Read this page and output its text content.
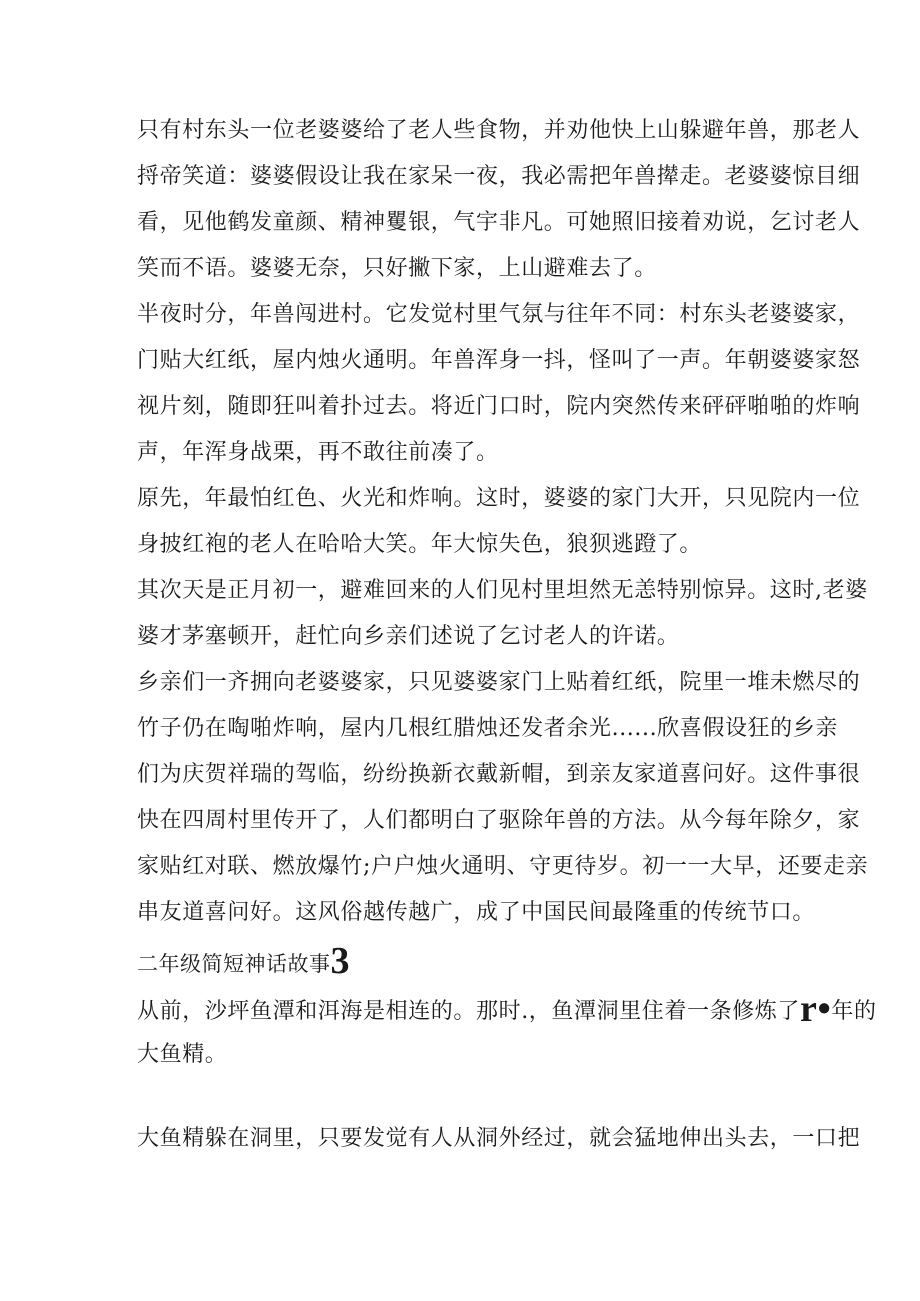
只有村东头一位老婆婆给了老人些食物，并劝他快上山躲避年兽，那老人
捋帝笑道：婆婆假设让我在家呆一夜，我必需把年兽撵走。老婆婆惊目细
看，见他鹤发童颜、精神矍银，气宇非凡。可她照旧接着劝说，乞讨老人
笑而不语。婆婆无奈，只好撇下家，上山避难去了。
半夜时分，年兽闯进村。它发觉村里气氛与往年不同：村东头老婆婆家，
门贴大红纸，屋内烛火通明。年兽浑身一抖，怪叫了一声。年朝婆婆家怒
视片刻，随即狂叫着扑过去。将近门口时，院内突然传来砰砰啪啪的炸响
声，年浑身战栗，再不敢往前凑了。
原先，年最怕红色、火光和炸响。这时，婆婆的家门大开，只见院内一位
身披红袍的老人在哈哈大笑。年大惊失色，狼狈逃蹬了。
其次天是正月初一，避难回来的人们见村里坦然无恙特别惊异。这时,老婆
婆才茅塞顿开，赶忙向乡亲们述说了乞讨老人的许诺。
乡亲们一齐拥向老婆婆家，只见婆婆家门上贴着红纸，院里一堆未燃尽的
竹子仍在啕啪炸响，屋内几根红腊烛还发者余光......欣喜假设狂的乡亲
们为庆贺祥瑞的驾临，纷纷换新衣戴新帽，到亲友家道喜问好。这件事很
快在四周村里传开了，人们都明白了驱除年兽的方法。从今每年除夕，家
家贴红对联、燃放爆竹;户户烛火通明、守更待岁。初一一大早，还要走亲
串友道喜问好。这风俗越传越广，成了中国民间最隆重的传统节口。
二年级简短神话故事3
从前，沙坪鱼潭和洱海是相连的。那时.，鱼潭洞里住着一条修炼了r•年的
大鱼精。
大鱼精躲在洞里，只要发觉有人从洞外经过，就会猛地伸出头去，一口把
